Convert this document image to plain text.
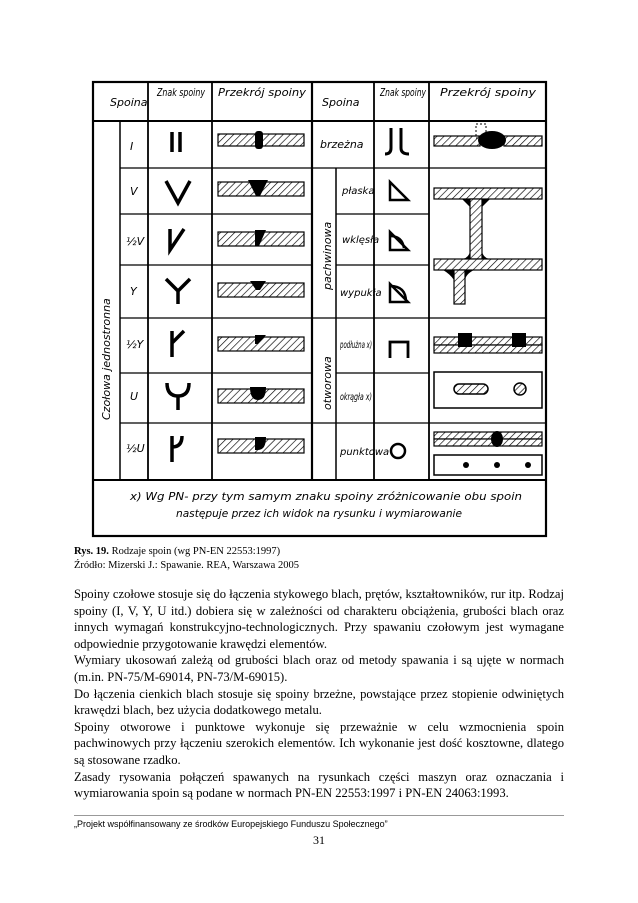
Spoina
Znak spoiny Przekrój spoiny
Spoina
Znak spoiny Przekrój spoiny
Czołowa jednostronna
I
V
½V
Y
½Y
U
½U
pachwinowa
otworowa
brzeżna
płaska
wklęsła
wypukła
podłużna x)
okrągła x)
punktowa
x) Wg PN- przy tym samym znaku spoiny zróżnicowanie obu spoin następuje przez ich widok na rysunku i wymiarowanie
Rys. 19. Rodzaje spoin (wg PN-EN 22553:1997)
Źródło: Mizerski J.: Spawanie. REA, Warszawa 2005

Spoiny czołowe stosuje się do łączenia stykowego blach, prętów, kształtowników, rur itp. Rodzaj spoiny (I, V, Y, U itd.) dobiera się w zależności od charakteru obciążenia, grubości blach oraz innych wymagań konstrukcyjno-technologicznych. Przy spawaniu czołowym jest wymagane odpowiednie przygotowanie krawędzi elementów.

Wymiary ukosowań zależą od grubości blach oraz od metody spawania i są ujęte w normach (m.in. PN-75/M-69014, PN-73/M-69015).

Do łączenia cienkich blach stosuje się spoiny brzeżne, powstające przez stopienie odwiniętych krawędzi blach, bez użycia dodatkowego metalu.

Spoiny otworowe i punktowe wykonuje się przeważnie w celu wzmocnienia spoin pachwinowych przy łączeniu szerokich elementów. Ich wykonanie jest dość kosztowne, dlatego są stosowane rzadko.

Zasady rysowania połączeń spawanych na rysunkach części maszyn oraz oznaczania i wymiarowania spoin są podane w normach PN-EN 22553:1997 i PN-EN 24063:1993.

„Projekt współfinansowany ze środków Europejskiego Funduszu Społecznego”
31
